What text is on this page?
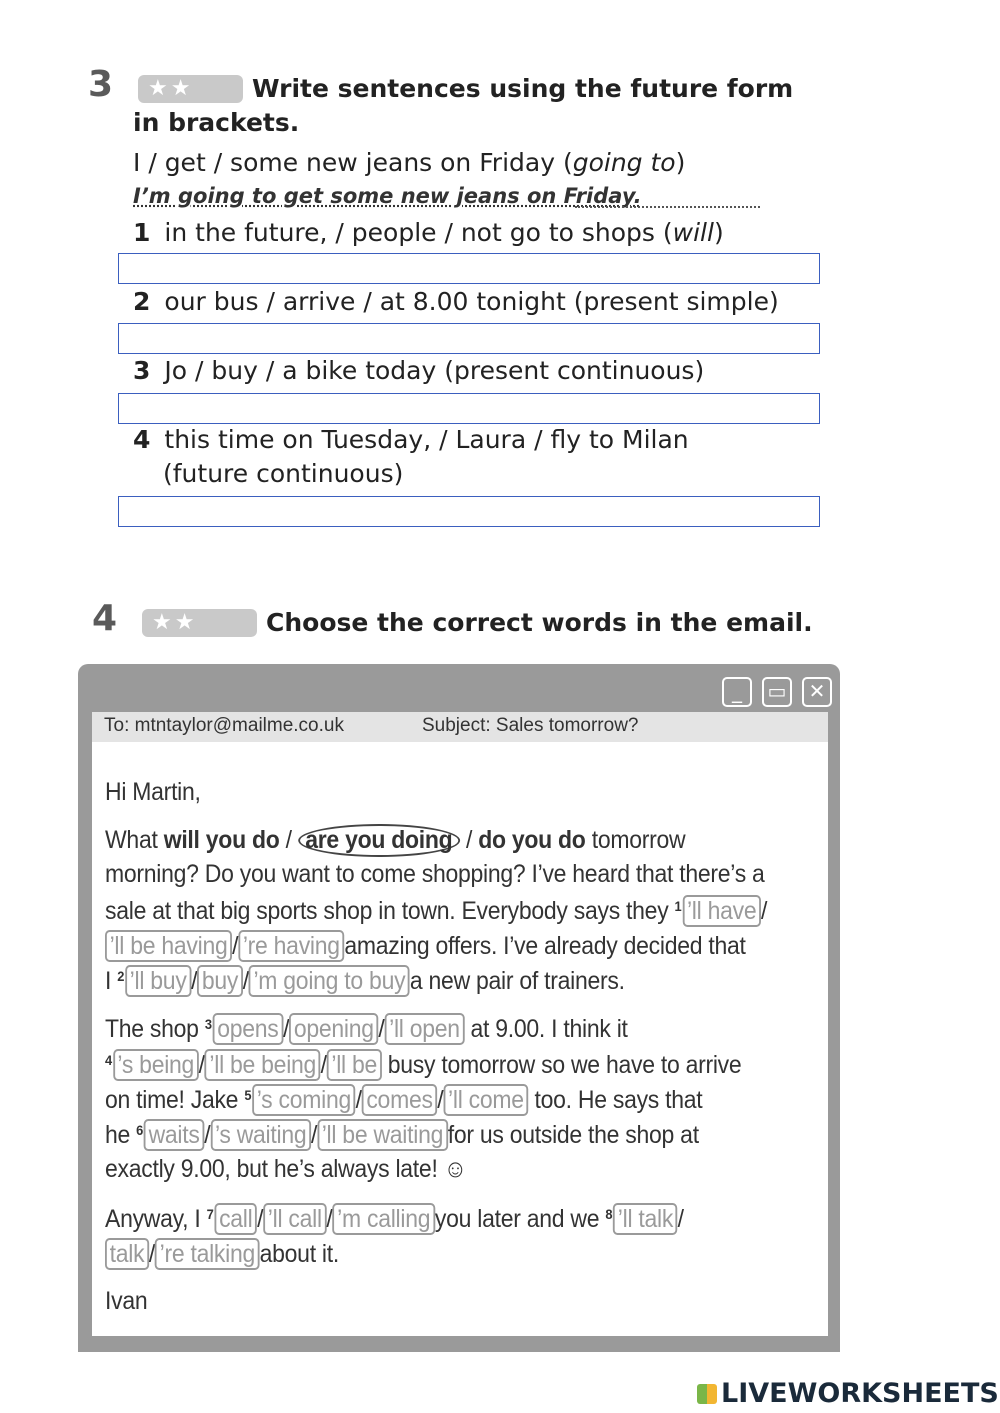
3	★★	Write sentences using the future form
in brackets.
I / get / some new jeans on Friday (going to)
I’m going to get some new jeans on Friday.
1 in the future, / people / not go to shops (will)
2 our bus / arrive / at 8.00 tonight (present simple)
3 Jo / buy / a bike today (present continuous)
4 this time on Tuesday, / Laura / fly to Milan
(future continuous)
4	★★	Choose the correct words in the email.
_	▭	✕
To: mtntaylor@mailme.co.uk	Subject: Sales tomorrow?
Hi Martin,
What will you do / are you doing / do you do tomorrow
morning? Do you want to come shopping? I’ve heard that there’s a
sale at that big sports shop in town. Everybody says they $^1$ ’ll have /
’ll be having / ’re having amazing offers. I’ve already decided that
I $^2$ ’ll buy / buy / ’m going to buy a new pair of trainers.
The shop $^3$ opens / opening / ’ll open at 9.00. I think it
$^4$ ’s being / ’ll be being / ’ll be busy tomorrow so we have to arrive
on time! Jake $^5$ ’s coming / comes / ’ll come too. He says that
he $^6$ waits / ’s waiting / ’ll be waiting for us outside the shop at
exactly 9.00, but he’s always late! ☺
Anyway, I $^7$ call / ’ll call / ’m calling you later and we $^8$ ’ll talk /
talk / ’re talking about it.
Ivan
LIVEWORKSHEETS
